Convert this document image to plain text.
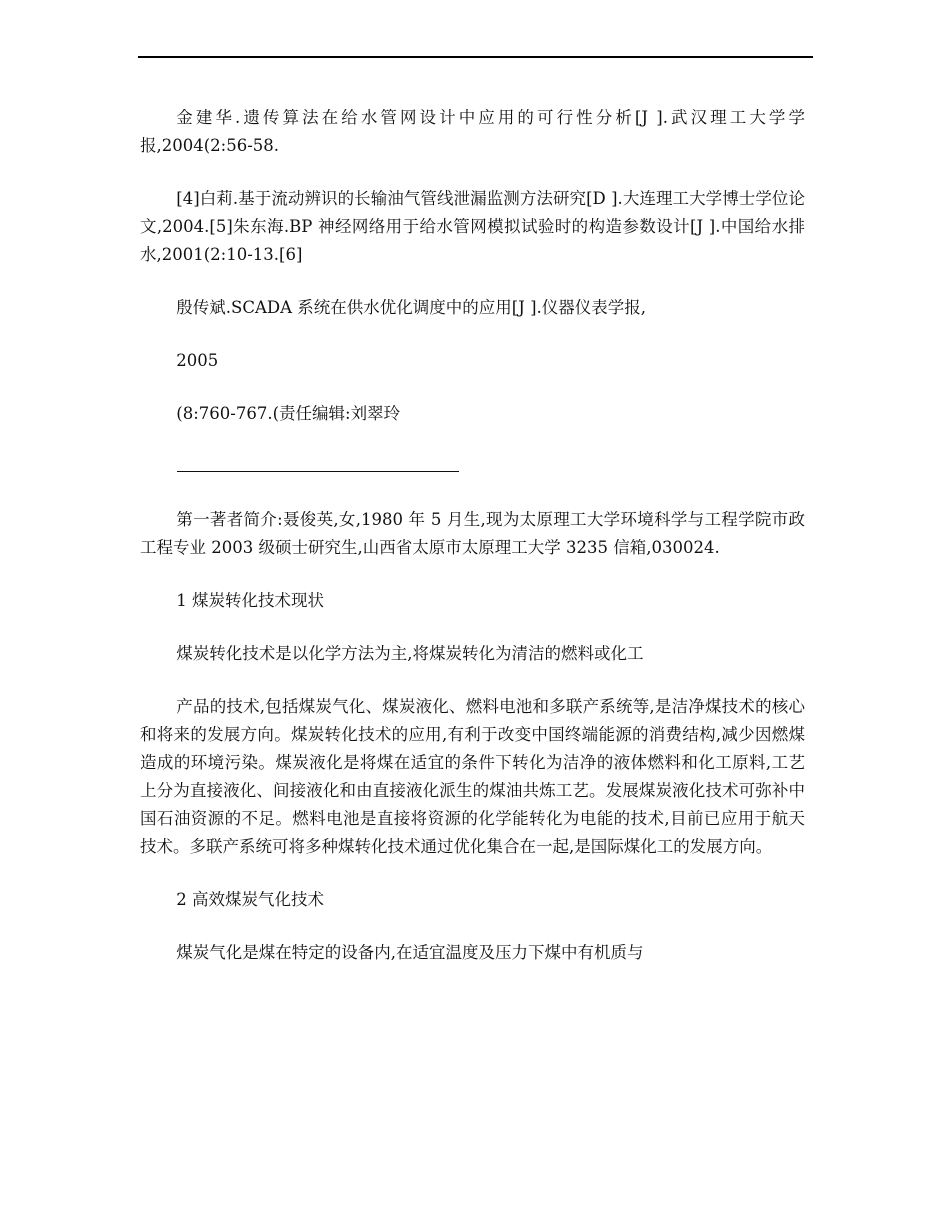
金建华.遗传算法在给水管网设计中应用的可行性分析[J ].武汉理工大学学报,2004(2:56-58.

[4]白莉.基于流动辨识的长输油气管线泄漏监测方法研究[D ].大连理工大学博士学位论文,2004.[5]朱东海.BP 神经网络用于给水管网模拟试验时的构造参数设计[J ].中国给水排水,2001(2:10-13.[6]

殷传斌.SCADA 系统在供水优化调度中的应用[J ].仪器仪表学报,

2005

(8:760-767.(责任编辑:刘翠玲

第一著者简介:聂俊英,女,1980 年 5 月生,现为太原理工大学环境科学与工程学院市政工程专业 2003 级硕士研究生,山西省太原市太原理工大学 3235 信箱,030024.

1 煤炭转化技术现状

煤炭转化技术是以化学方法为主,将煤炭转化为清洁的燃料或化工

产品的技术,包括煤炭气化、煤炭液化、燃料电池和多联产系统等,是洁净煤技术的核心和将来的发展方向。煤炭转化技术的应用,有利于改变中国终端能源的消费结构,减少因燃煤造成的环境污染。煤炭液化是将煤在适宜的条件下转化为洁净的液体燃料和化工原料,工艺上分为直接液化、间接液化和由直接液化派生的煤油共炼工艺。发展煤炭液化技术可弥补中国石油资源的不足。燃料电池是直接将资源的化学能转化为电能的技术,目前已应用于航天技术。多联产系统可将多种煤转化技术通过优化集合在一起,是国际煤化工的发展方向。

2 高效煤炭气化技术

煤炭气化是煤在特定的设备内,在适宜温度及压力下煤中有机质与
